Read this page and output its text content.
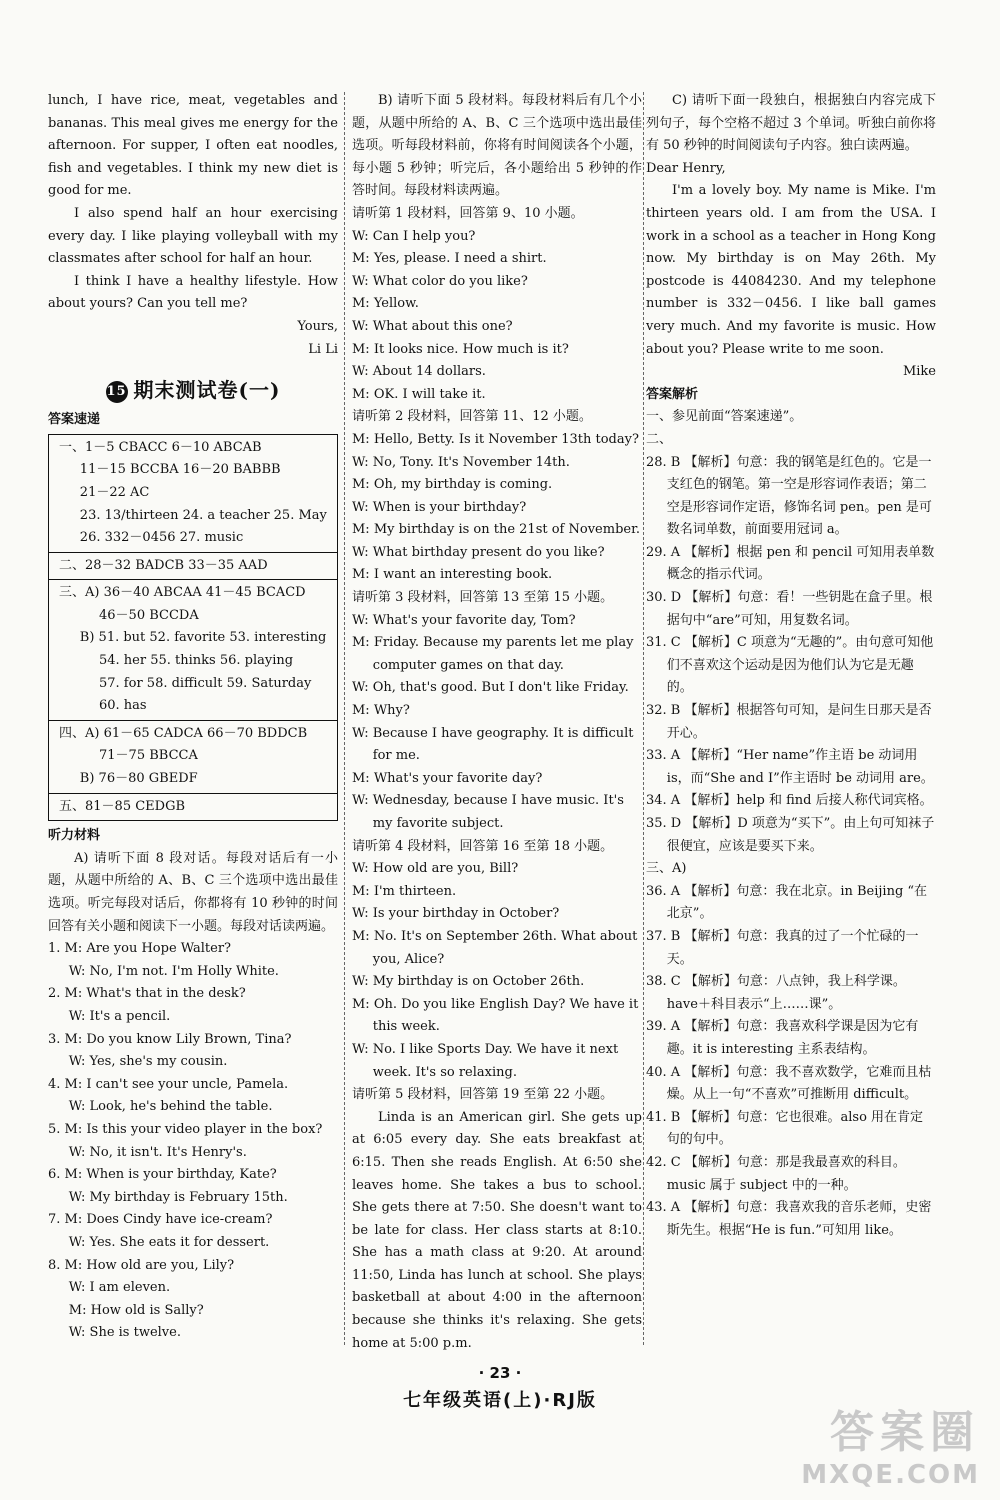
lunch, I have rice, meat, vegetables and bananas. This meal gives me energy for the afternoon. For supper, I often eat noodles, fish and vegetables. I think my new diet is good for me.

I also spend half an hour exercising every day. I like playing volleyball with my classmates after school for half an hour.

I think I have a healthy lifestyle. How about yours? Can you tell me?

Yours,

Li Li

15 期末测试卷(一)
答案速递
一、1－5 CBACC 6－10 ABCAB
11－15 BCCBA 16－20 BABBB
21－22 AC
23. 13/thirteen 24. a teacher 25. May
26. 332－0456 27. music
二、28－32 BADCB 33－35 AAD
三、A) 36－40 ABCAA 41－45 BCACD
46－50 BCCDA
B) 51. but 52. favorite 53. interesting
54. her 55. thinks 56. playing
57. for 58. difficult 59. Saturday
60. has
四、A) 61－65 CADCA 66－70 BDDCB
71－75 BBCCA
B) 76－80 GBEDF
五、81－85 CEDGB
听力材料

A) 请听下面 8 段对话。每段对话后有一小题，从题中所给的 A、B、C 三个选项中选出最佳选项。听完每段对话后，你都将有 10 秒钟的时间回答有关小题和阅读下一小题。每段对话读两遍。

1. M: Are you Hope Walter?
W: No, I'm not. I'm Holly White.
2. M: What's that in the desk?
W: It's a pencil.
3. M: Do you know Lily Brown, Tina?
W: Yes, she's my cousin.
4. M: I can't see your uncle, Pamela.
W: Look, he's behind the table.
5. M: Is this your video player in the box?
W: No, it isn't. It's Henry's.
6. M: When is your birthday, Kate?
W: My birthday is February 15th.
7. M: Does Cindy have ice-cream?
W: Yes. She eats it for dessert.
8. M: How old are you, Lily?
W: I am eleven.
M: How old is Sally?
W: She is twelve.

B) 请听下面 5 段材料。每段材料后有几个小题，从题中所给的 A、B、C 三个选项中选出最佳选项。听每段材料前，你将有时间阅读各个小题，每小题 5 秒钟；听完后，各小题给出 5 秒钟的作答时间。每段材料读两遍。

请听第 1 段材料，回答第 9、10 小题。
W: Can I help you?
M: Yes, please. I need a shirt.
W: What color do you like?
M: Yellow.
W: What about this one?
M: It looks nice. How much is it?
W: About 14 dollars.
M: OK. I will take it.
请听第 2 段材料，回答第 11、12 小题。
M: Hello, Betty. Is it November 13th today?
W: No, Tony. It's November 14th.
M: Oh, my birthday is coming.
W: When is your birthday?
M: My birthday is on the 21st of November.
W: What birthday present do you like?
M: I want an interesting book.
请听第 3 段材料，回答第 13 至第 15 小题。
W: What's your favorite day, Tom?
M: Friday. Because my parents let me play computer games on that day.
W: Oh, that's good. But I don't like Friday.
M: Why?
W: Because I have geography. It is difficult for me.
M: What's your favorite day?
W: Wednesday, because I have music. It's my favorite subject.
请听第 4 段材料，回答第 16 至第 18 小题。
W: How old are you, Bill?
M: I'm thirteen.
W: Is your birthday in October?
M: No. It's on September 26th. What about you, Alice?
W: My birthday is on October 26th.
M: Oh. Do you like English Day? We have it this week.
W: No. I like Sports Day. We have it next week. It's so relaxing.
请听第 5 段材料，回答第 19 至第 22 小题。

Linda is an American girl. She gets up at 6:05 every day. She eats breakfast at 6:15. Then she reads English. At 6:50 she leaves home. She takes a bus to school. She gets there at 7:50. She doesn't want to be late for class. Her class starts at 8:10. She has a math class at 9:20. At around 11:50, Linda has lunch at school. She plays basketball at about 4:00 in the afternoon because she thinks it's relaxing. She gets home at 5:00 p.m.

C) 请听下面一段独白，根据独白内容完成下列句子，每个空格不超过 3 个单词。听独白前你将有 50 秒钟的时间阅读句子内容。独白读两遍。

Dear Henry,

I'm a lovely boy. My name is Mike. I'm thirteen years old. I am from the USA. I work in a school as a teacher in Hong Kong now. My birthday is on May 26th. My postcode is 44084230. And my telephone number is 332－0456. I like ball games very much. And my favorite is music. How about you? Please write to me soon.

Mike

答案解析
一、参见前面“答案速递”。
二、
28. B 【解析】句意：我的钢笔是红色的。它是一支红色的钢笔。第一空是形容词作表语；第二空是形容词作定语，修饰名词 pen。pen 是可数名词单数，前面要用冠词 a。
29. A 【解析】根据 pen 和 pencil 可知用表单数概念的指示代词。
30. D 【解析】句意：看！一些钥匙在盒子里。根据句中“are”可知，用复数名词。
31. C 【解析】C 项意为“无趣的”。由句意可知他们不喜欢这个运动是因为他们认为它是无趣的。
32. B 【解析】根据答句可知，是问生日那天是否开心。
33. A 【解析】“Her name”作主语 be 动词用 is，而“She and I”作主语时 be 动词用 are。
34. A 【解析】help 和 find 后接人称代词宾格。
35. D 【解析】D 项意为“买下”。由上句可知袜子很便宜，应该是要买下来。
三、A)
36. A 【解析】句意：我在北京。in Beijing “在北京”。
37. B 【解析】句意：我真的过了一个忙碌的一天。
38. C 【解析】句意：八点钟，我上科学课。have＋科目表示“上……课”。
39. A 【解析】句意：我喜欢科学课是因为它有趣。it is interesting 主系表结构。
40. A 【解析】句意：我不喜欢数学，它难而且枯燥。从上一句“不喜欢”可推断用 difficult。
41. B 【解析】句意：它也很难。also 用在肯定句的句中。
42. C 【解析】句意：那是我最喜欢的科目。music 属于 subject 中的一种。
43. A 【解析】句意：我喜欢我的音乐老师，史密斯先生。根据“He is fun.”可知用 like。
· 23 ·
七年级英语(上)·RJ版
答案圈
MXQE.COM
